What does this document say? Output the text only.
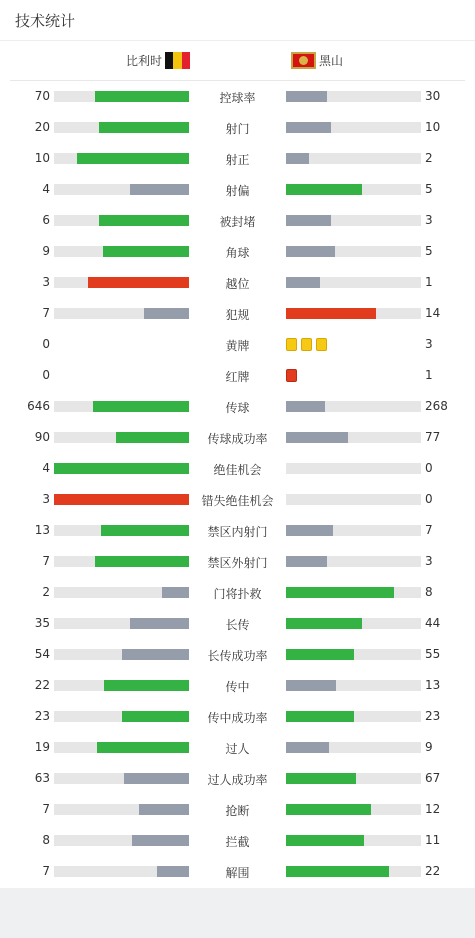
技术统计
比利时	黑山
70	控球率	30
20	射门	10
10	射正	2
4	射偏	5
6	被封堵	3
9	角球	5
3	越位	1
7	犯规	14
0	黄牌	3
0	红牌	1
646	传球	268
90	传球成功率	77
4	绝佳机会	0
3	错失绝佳机会	0
13	禁区内射门	7
7	禁区外射门	3
2	门将扑救	8
35	长传	44
54	长传成功率	55
22	传中	13
23	传中成功率	23
19	过人	9
63	过人成功率	67
7	抢断	12
8	拦截	11
7	解围	22
